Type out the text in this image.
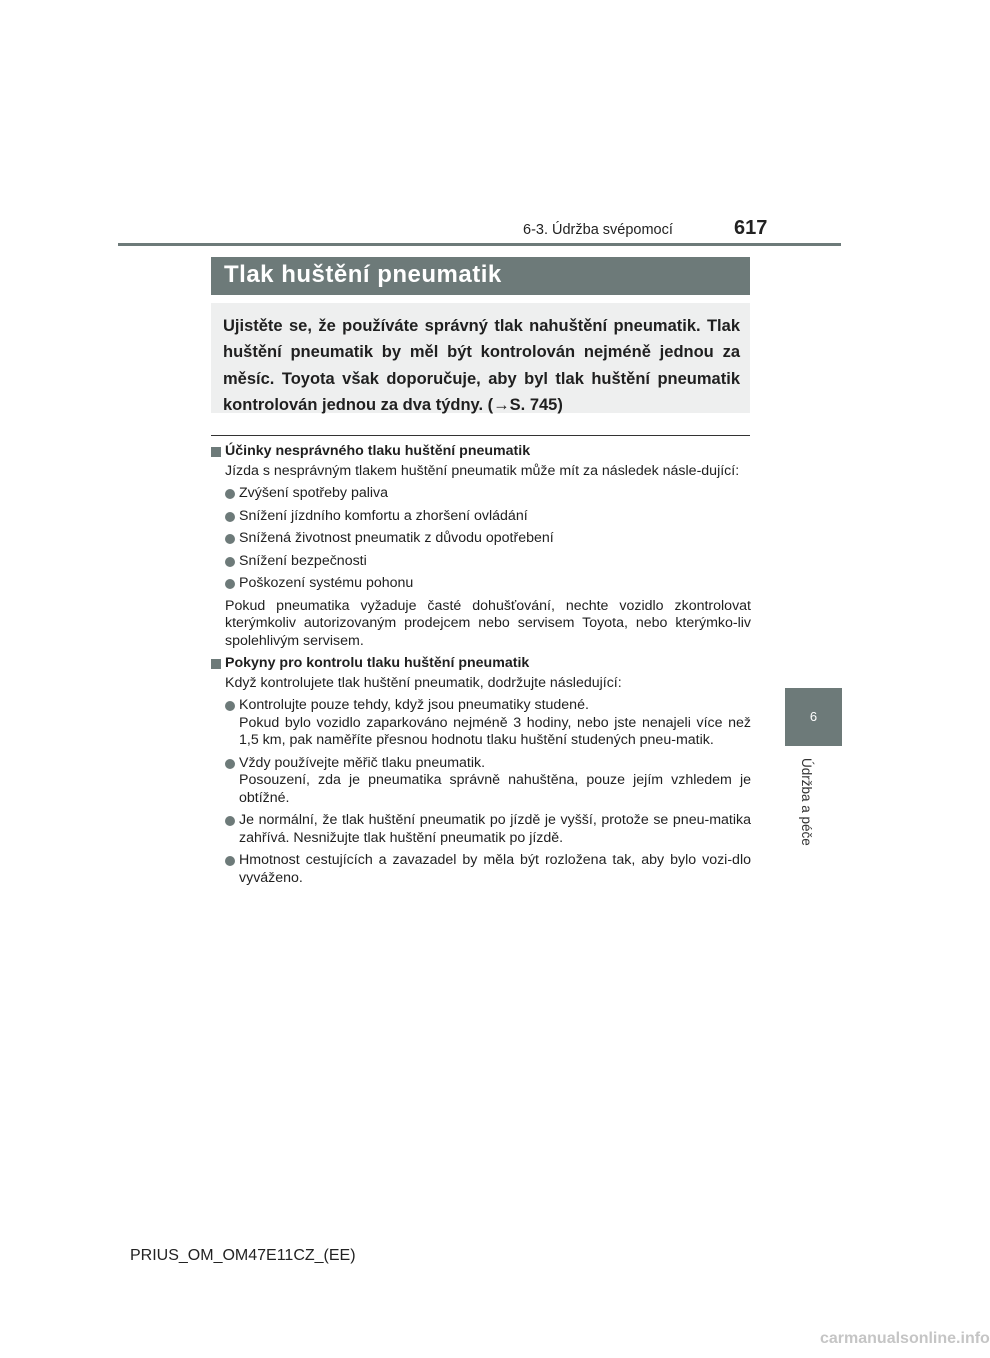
6-3. Údržba svépomocí	617
6
Údržba a péče
Tlak huštění pneumatik
Ujistěte se, že používáte správný tlak nahuštění pneumatik. Tlak huštění pneumatik by měl být kontrolován nejméně jednou za měsíc. Toyota však doporučuje, aby byl tlak huštění pneumatik kontrolován jednou za dva týdny. (→S. 745)

Účinky nesprávného tlaku huštění pneumatik

Jízda s nesprávným tlakem huštění pneumatik může mít za následek násle-dující:

Zvýšení spotřeby paliva

Snížení jízdního komfortu a zhoršení ovládání

Snížená životnost pneumatik z důvodu opotřebení

Snížení bezpečnosti

Poškození systému pohonu

Pokud pneumatika vyžaduje časté dohušťování, nechte vozidlo zkontrolovat kterýmkoliv autorizovaným prodejcem nebo servisem Toyota, nebo kterýmko-liv spolehlivým servisem.

Pokyny pro kontrolu tlaku huštění pneumatik

Když kontrolujete tlak huštění pneumatik, dodržujte následující:

Kontrolujte pouze tehdy, když jsou pneumatiky studené.
Pokud bylo vozidlo zaparkováno nejméně 3 hodiny, nebo jste nenajeli více než 1,5 km, pak naměříte přesnou hodnotu tlaku huštění studených pneu-matik.

Vždy používejte měřič tlaku pneumatik.
Posouzení, zda je pneumatika správně nahuštěna, pouze jejím vzhledem je obtížné.

Je normální, že tlak huštění pneumatik po jízdě je vyšší, protože se pneu-matika zahřívá. Nesnižujte tlak huštění pneumatik po jízdě.

Hmotnost cestujících a zavazadel by měla být rozložena tak, aby bylo vozi-dlo vyváženo.

PRIUS_OM_OM47E11CZ_(EE)
carmanualsonline.info
